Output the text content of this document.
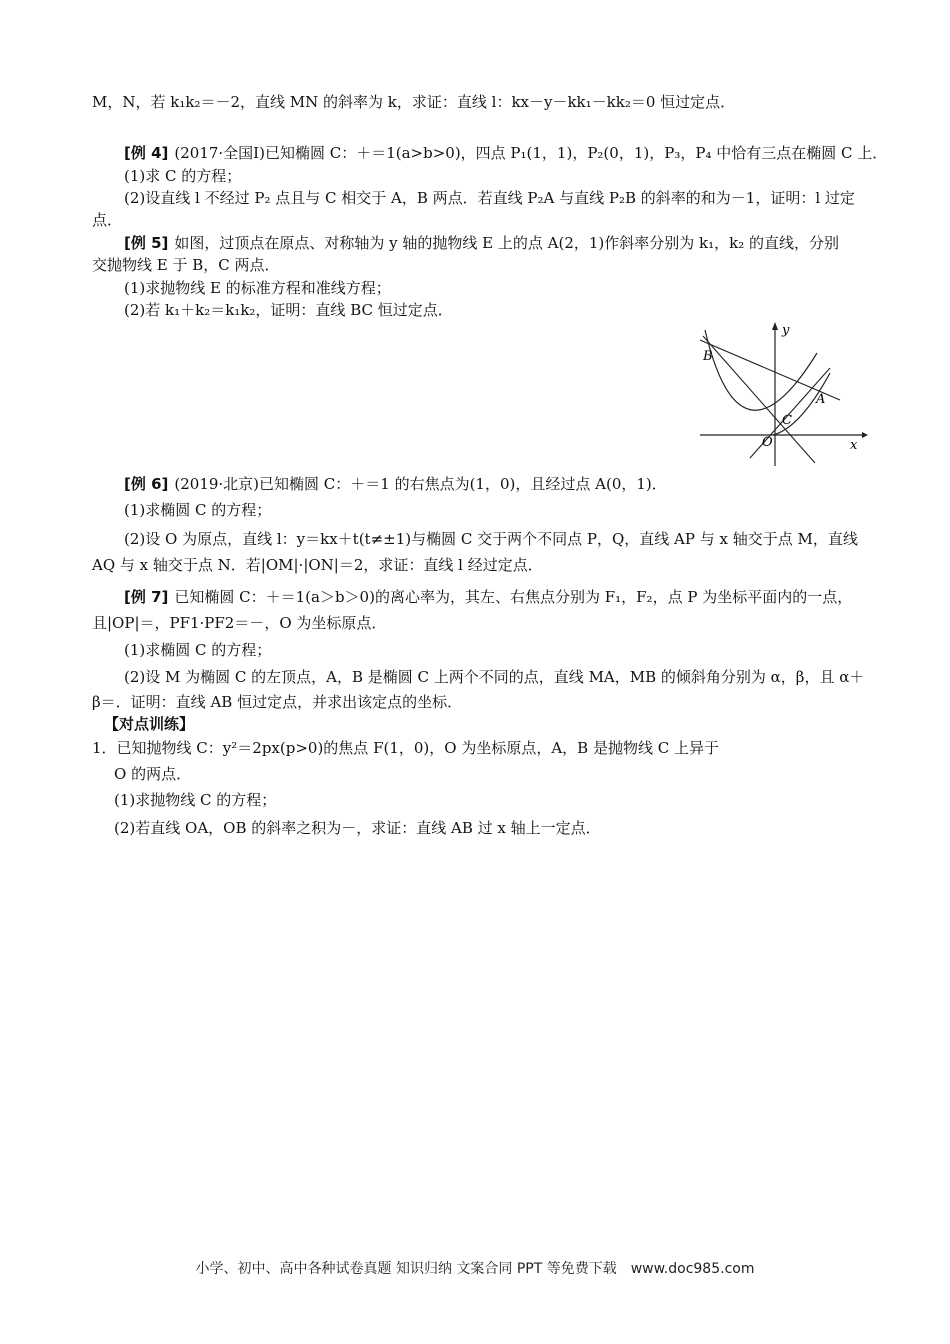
M，N，若 k₁k₂＝－2，直线 MN 的斜率为 k，求证：直线 l：kx－y－kk₁－kk₂＝0 恒过定点．
[例 4] (2017·全国Ⅰ)已知椭圆 C：＋＝1(a>b>0)，四点 P₁(1，1)，P₂(0，1)，P₃，P₄ 中恰有三点在椭圆 C 上．
(1)求 C 的方程；
(2)设直线 l 不经过 P₂ 点且与 C 相交于 A，B 两点．若直线 P₂A 与直线 P₂B 的斜率的和为－1，证明：l 过定
点．
[例 5] 如图，过顶点在原点、对称轴为 y 轴的抛物线 E 上的点 A(2，1)作斜率分别为 k₁，k₂ 的直线，分别
交抛物线 E 于 B，C 两点．
(1)求抛物线 E 的标准方程和准线方程；
(2)若 k₁＋k₂＝k₁k₂，证明：直线 BC 恒过定点．
B
A
C
O	x
y
[例 6] (2019·北京)已知椭圆 C：＋＝1 的右焦点为(1，0)，且经过点 A(0，1)．
(1)求椭圆 C 的方程；
(2)设 O 为原点，直线 l：y＝kx＋t(t≠±1)与椭圆 C 交于两个不同点 P，Q，直线 AP 与 x 轴交于点 M，直线
AQ 与 x 轴交于点 N．若|OM|·|ON|＝2，求证：直线 l 经过定点．
[例 7] 已知椭圆 C：＋＝1(a＞b＞0)的离心率为，其左、右焦点分别为 F₁，F₂，点 P 为坐标平面内的一点，
且|OP|＝，PF1·PF2＝－，O 为坐标原点．
(1)求椭圆 C 的方程；
(2)设 M 为椭圆 C 的左顶点，A，B 是椭圆 C 上两个不同的点，直线 MA，MB 的倾斜角分别为 α，β，且 α＋
β＝．证明：直线 AB 恒过定点，并求出该定点的坐标．
【对点训练】
1．已知抛物线 C：y²＝2px(p>0)的焦点 F(1，0)，O 为坐标原点，A，B 是抛物线 C 上异于
O 的两点．
(1)求抛物线 C 的方程；
(2)若直线 OA，OB 的斜率之积为－，求证：直线 AB 过 x 轴上一定点．
小学、初中、高中各种试卷真题 知识归纳 文案合同 PPT 等免费下载　www.doc985.com
